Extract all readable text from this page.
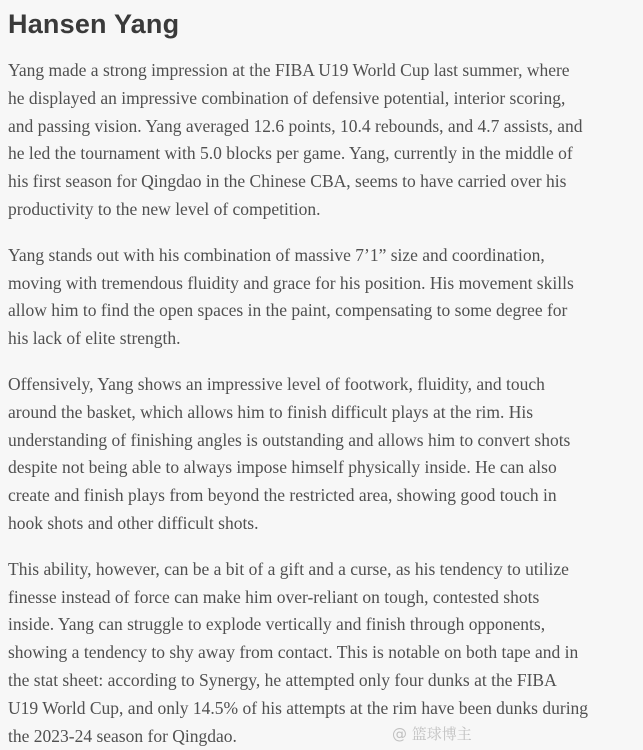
Hansen Yang

Yang made a strong impression at the FIBA U19 World Cup last summer, where
he displayed an impressive combination of defensive potential, interior scoring,
and passing vision. Yang averaged 12.6 points, 10.4 rebounds, and 4.7 assists, and
he led the tournament with 5.0 blocks per game. Yang, currently in the middle of
his first season for Qingdao in the Chinese CBA, seems to have carried over his
productivity to the new level of competition.

Yang stands out with his combination of massive 7’1” size and coordination,
moving with tremendous fluidity and grace for his position. His movement skills
allow him to find the open spaces in the paint, compensating to some degree for
his lack of elite strength.

Offensively, Yang shows an impressive level of footwork, fluidity, and touch
around the basket, which allows him to finish difficult plays at the rim. His
understanding of finishing angles is outstanding and allows him to convert shots
despite not being able to always impose himself physically inside. He can also
create and finish plays from beyond the restricted area, showing good touch in
hook shots and other difficult shots.

This ability, however, can be a bit of a gift and a curse, as his tendency to utilize
finesse instead of force can make him over-reliant on tough, contested shots
inside. Yang can struggle to explode vertically and finish through opponents,
showing a tendency to shy away from contact. This is notable on both tape and in
the stat sheet: according to Synergy, he attempted only four dunks at the FIBA
U19 World Cup, and only 14.5% of his attempts at the rim have been dunks during
the 2023-24 season for Qingdao.	@ 篮球博主
